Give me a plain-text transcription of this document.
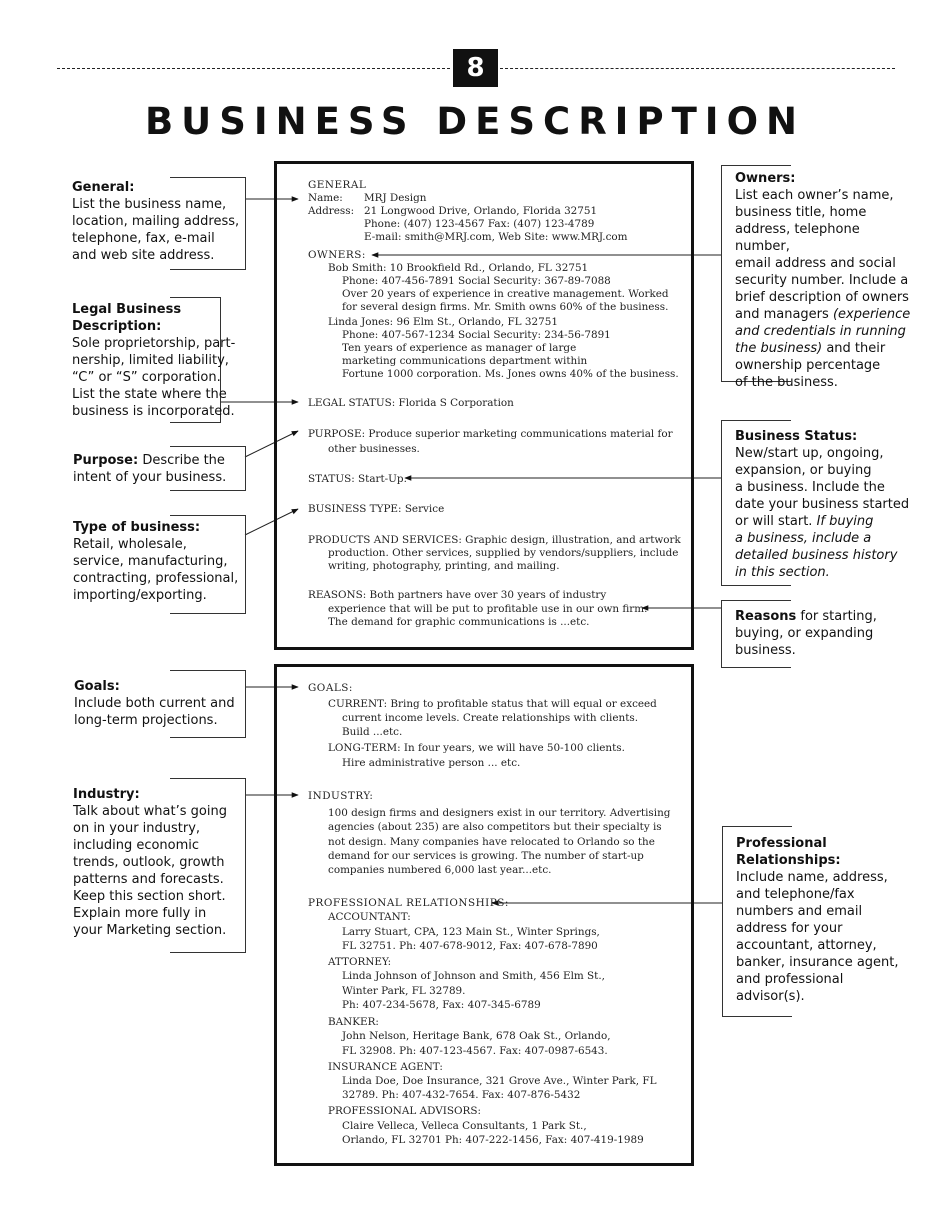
8
BUSINESS DESCRIPTION
General:
List the business name,
location, mailing address,
telephone, fax, e-mail
and web site address.
Legal Business
Description:
Sole proprietorship, part-
nership, limited liability,
“C” or “S” corporation.
List the state where the
business is incorporated.
Purpose: Describe the
intent of your business.
Type of business:
Retail, wholesale,
service, manufacturing,
contracting, professional,
importing/exporting.
Goals:
Include both current and
long-term projections.
Industry:
Talk about what’s going
on in your industry,
including economic
trends, outlook, growth
patterns and forecasts.
Keep this section short.
Explain more fully in
your Marketing section.
Owners:
List each owner’s name,
business title, home
address, telephone number,
email address and social
security number. Include a
brief description of owners
and managers (experience
and credentials in running
the business) and their
ownership percentage
of the business.
Business Status:
New/start up, ongoing,
expansion, or buying
a business. Include the
date your business started
or will start. If buying
a business, include a
detailed business history
in this section.
Reasons for starting,
buying, or expanding
business.
Professional
Relationships:
Include name, address,
and telephone/fax
numbers and email
address for your
accountant, attorney,
banker, insurance agent,
and professional
advisor(s).
GENERAL
Name: MRJ Design
Address: 21 Longwood Drive, Orlando, Florida 32751
Phone: (407) 123-4567 Fax: (407) 123-4789
E-mail: smith@MRJ.com, Web Site: www.MRJ.com
OWNERS:
Bob Smith: 10 Brookfield Rd., Orlando, FL 32751
Phone: 407-456-7891 Social Security: 367-89-7088
Over 20 years of experience in creative management. Worked
for several design firms. Mr. Smith owns 60% of the business.
Linda Jones: 96 Elm St., Orlando, FL 32751
Phone: 407-567-1234 Social Security: 234-56-7891
Ten years of experience as manager of large
marketing communications department within
Fortune 1000 corporation. Ms. Jones owns 40% of the business.
LEGAL STATUS: Florida S Corporation
PURPOSE: Produce superior marketing communications material for
other businesses.
STATUS: Start-Up.
BUSINESS TYPE: Service
PRODUCTS AND SERVICES: Graphic design, illustration, and artwork
production. Other services, supplied by vendors/suppliers, include
writing, photography, printing, and mailing.
REASONS: Both partners have over 30 years of industry
experience that will be put to profitable use in our own firm.
The demand for graphic communications is ...etc.
GOALS:
CURRENT: Bring to profitable status that will equal or exceed
current income levels. Create relationships with clients.
Build ...etc.
LONG-TERM: In four years, we will have 50-100 clients.
Hire administrative person ... etc.
INDUSTRY:
100 design firms and designers exist in our territory. Advertising
agencies (about 235) are also competitors but their specialty is
not design. Many companies have relocated to Orlando so the
demand for our services is growing. The number of start-up
companies numbered 6,000 last year...etc.
PROFESSIONAL RELATIONSHIPS:
ACCOUNTANT:
Larry Stuart, CPA, 123 Main St., Winter Springs,
FL 32751. Ph: 407-678-9012, Fax: 407-678-7890
ATTORNEY:
Linda Johnson of Johnson and Smith, 456 Elm St.,
Winter Park, FL 32789.
Ph: 407-234-5678, Fax: 407-345-6789
BANKER:
John Nelson, Heritage Bank, 678 Oak St., Orlando,
FL 32908. Ph: 407-123-4567. Fax: 407-0987-6543.
INSURANCE AGENT:
Linda Doe, Doe Insurance, 321 Grove Ave., Winter Park, FL
32789. Ph: 407-432-7654. Fax: 407-876-5432
PROFESSIONAL ADVISORS:
Claire Velleca, Velleca Consultants, 1 Park St.,
Orlando, FL 32701 Ph: 407-222-1456, Fax: 407-419-1989
